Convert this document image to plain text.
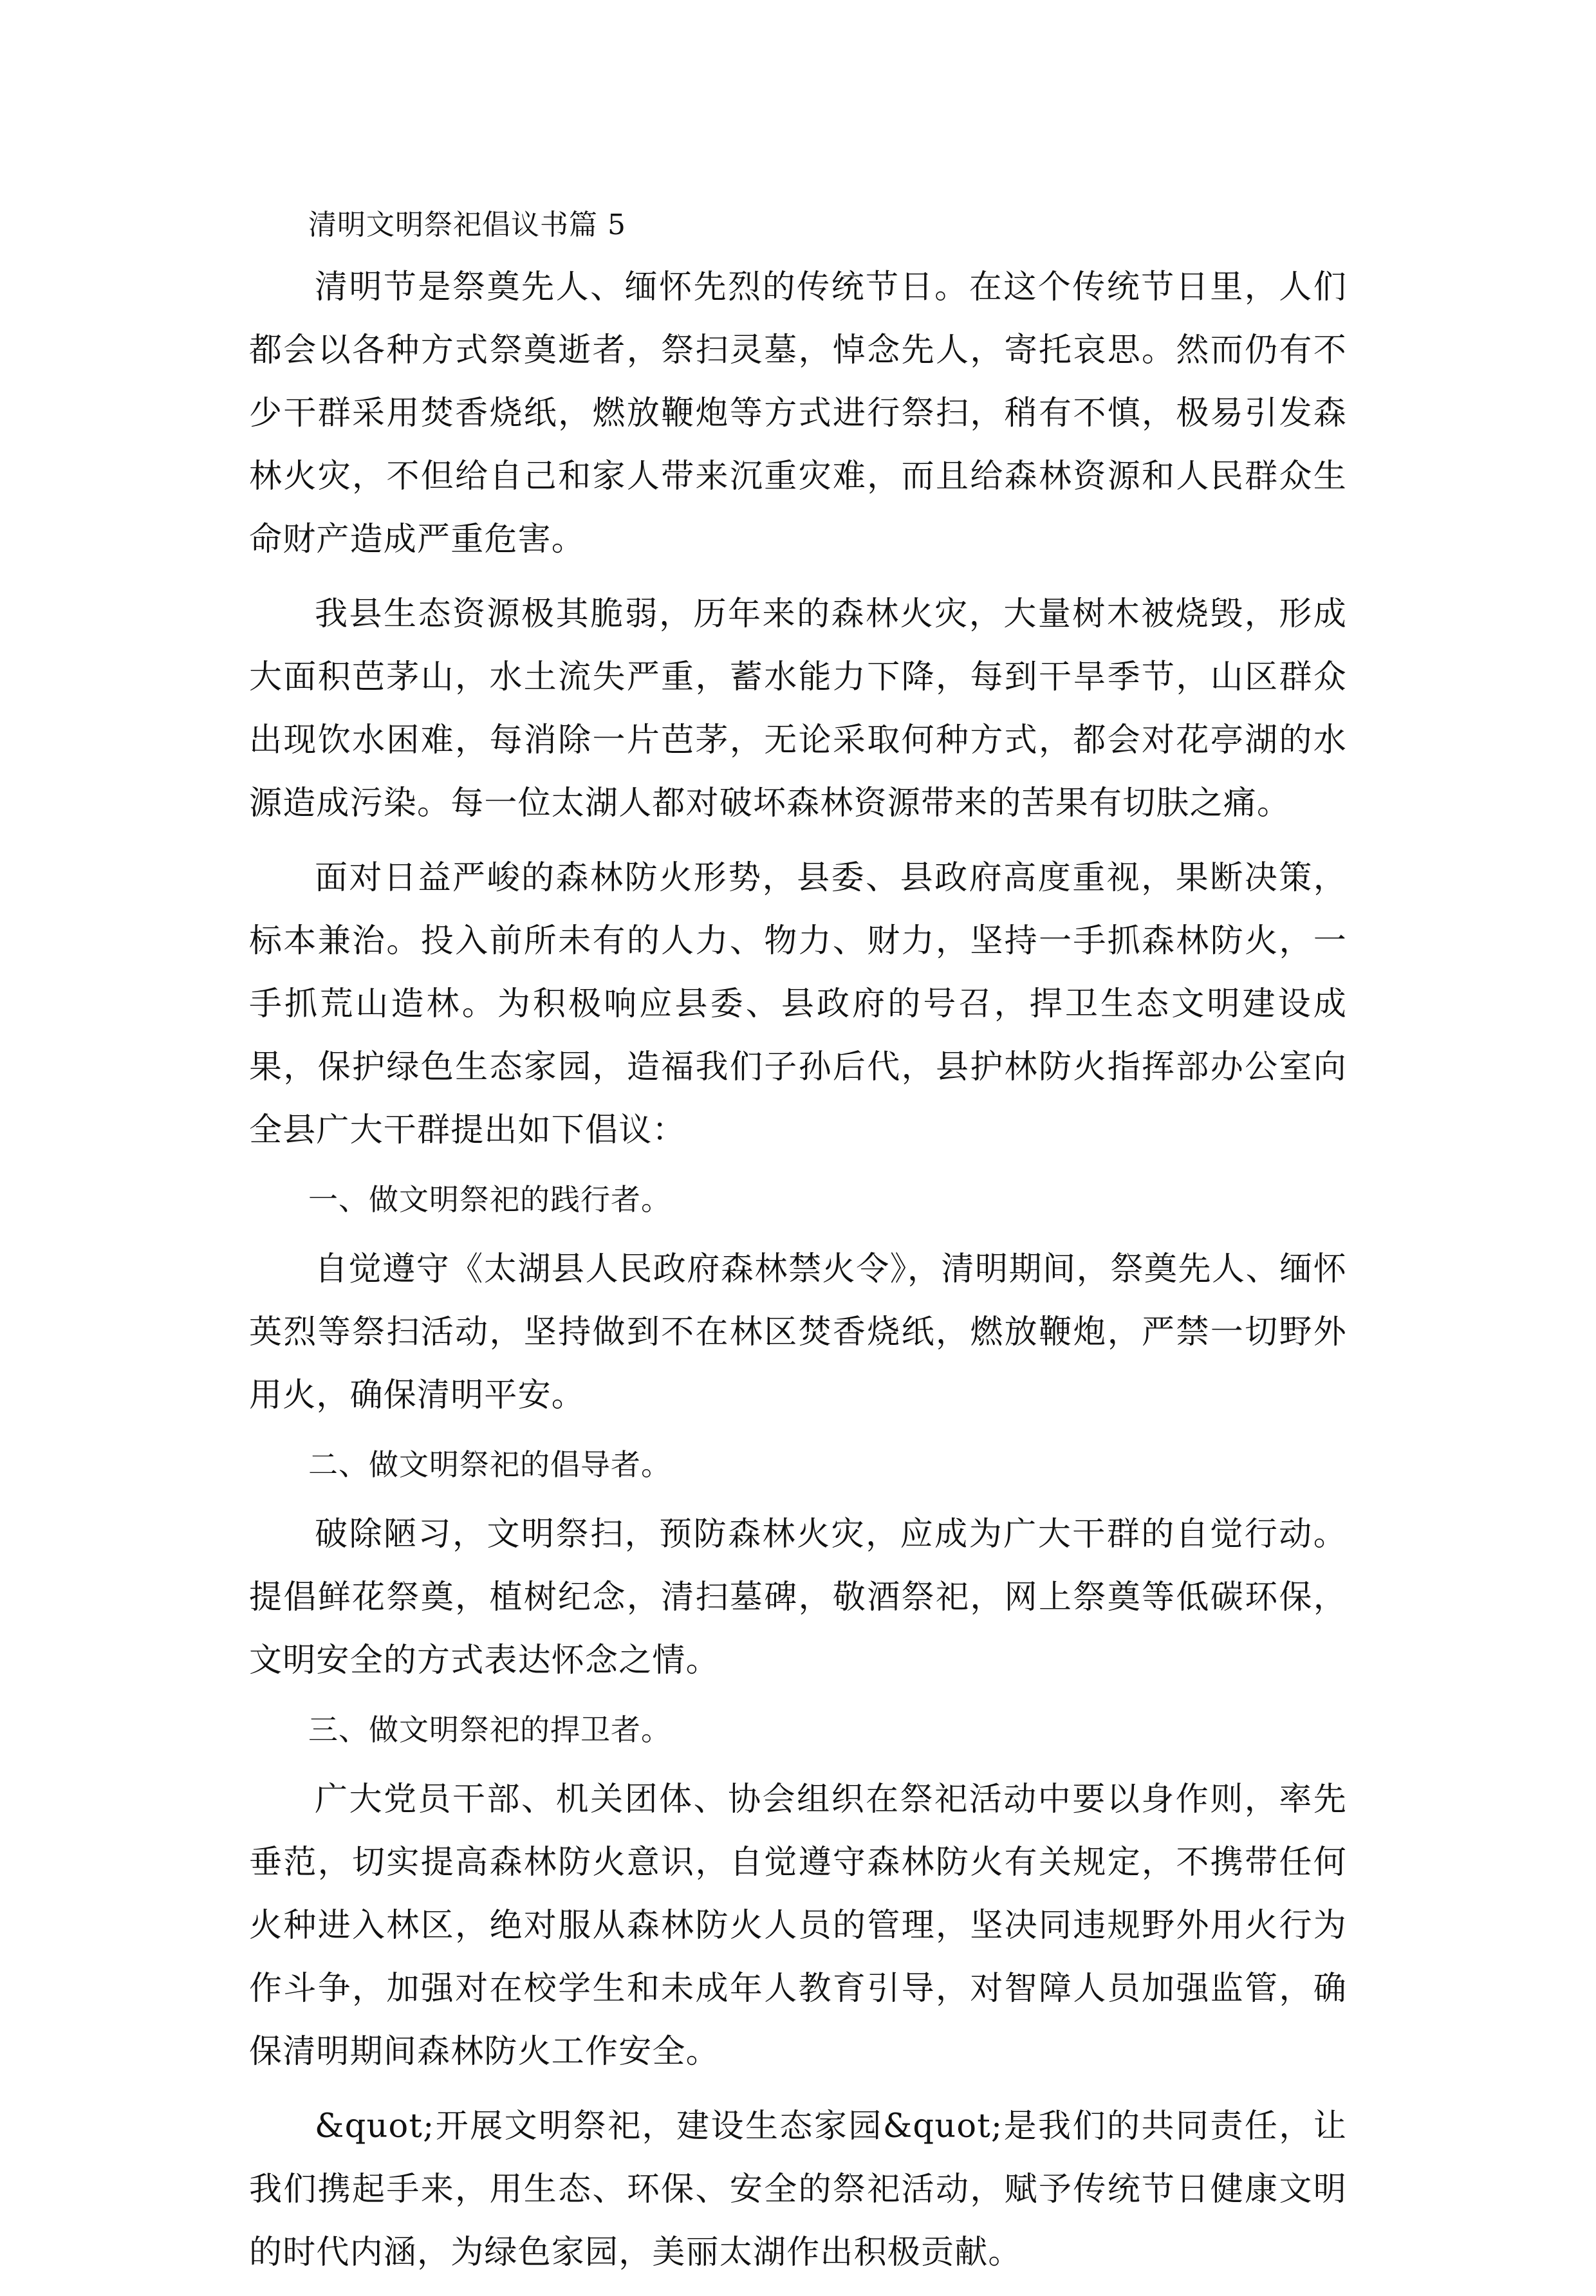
清明文明祭祀倡议书篇 5

清明节是祭奠先人、缅怀先烈的传统节日。在这个传统节日里，人们都会以各种方式祭奠逝者，祭扫灵墓，悼念先人，寄托哀思。然而仍有不少干群采用焚香烧纸，燃放鞭炮等方式进行祭扫，稍有不慎，极易引发森林火灾，不但给自己和家人带来沉重灾难，而且给森林资源和人民群众生命财产造成严重危害。

我县生态资源极其脆弱，历年来的森林火灾，大量树木被烧毁，形成大面积芭茅山，水土流失严重，蓄水能力下降，每到干旱季节，山区群众出现饮水困难，每消除一片芭茅，无论采取何种方式，都会对花亭湖的水源造成污染。每一位太湖人都对破坏森林资源带来的苦果有切肤之痛。

面对日益严峻的森林防火形势，县委、县政府高度重视，果断决策，标本兼治。投入前所未有的人力、物力、财力，坚持一手抓森林防火，一手抓荒山造林。为积极响应县委、县政府的号召，捍卫生态文明建设成果，保护绿色生态家园，造福我们子孙后代，县护林防火指挥部办公室向全县广大干群提出如下倡议：

一、做文明祭祀的践行者。

自觉遵守《太湖县人民政府森林禁火令》，清明期间，祭奠先人、缅怀英烈等祭扫活动，坚持做到不在林区焚香烧纸，燃放鞭炮，严禁一切野外用火，确保清明平安。

二、做文明祭祀的倡导者。

破除陋习，文明祭扫，预防森林火灾，应成为广大干群的自觉行动。提倡鲜花祭奠，植树纪念，清扫墓碑，敬酒祭祀，网上祭奠等低碳环保，文明安全的方式表达怀念之情。

三、做文明祭祀的捍卫者。

广大党员干部、机关团体、协会组织在祭祀活动中要以身作则，率先垂范，切实提高森林防火意识，自觉遵守森林防火有关规定，不携带任何火种进入林区，绝对服从森林防火人员的管理，坚决同违规野外用火行为作斗争，加强对在校学生和未成年人教育引导，对智障人员加强监管，确保清明期间森林防火工作安全。

&quot;开展文明祭祀，建设生态家园&quot;是我们的共同责任，让我们携起手来，用生态、环保、安全的祭祀活动，赋予传统节日健康文明的时代内涵，为绿色家园，美丽太湖作出积极贡献。
